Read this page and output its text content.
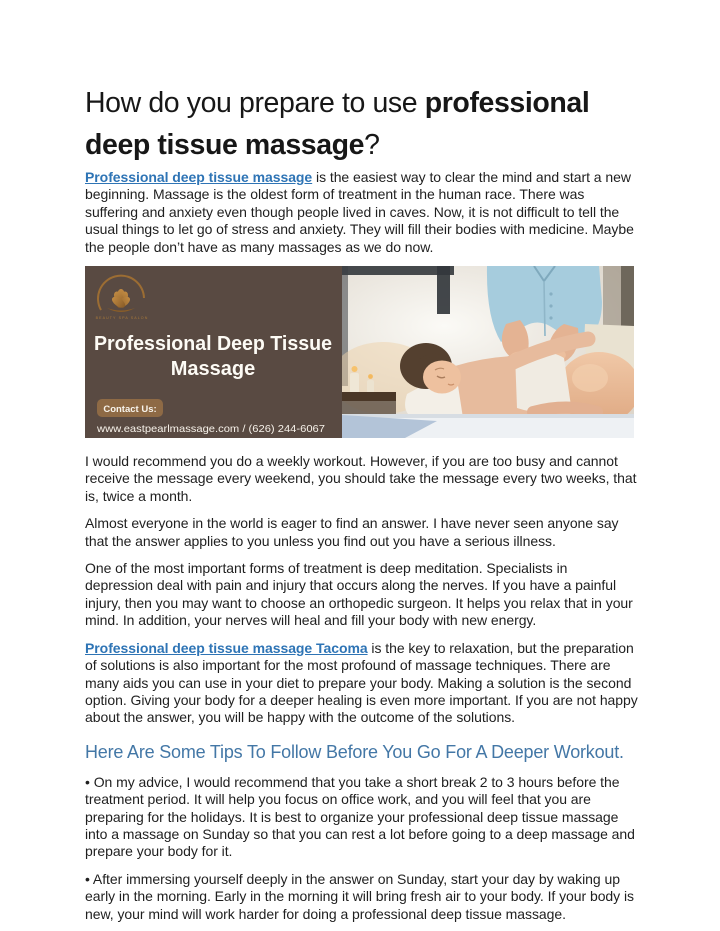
How do you prepare to use professional deep tissue massage?

Professional deep tissue massage is the easiest way to clear the mind and start a new beginning. Massage is the oldest form of treatment in the human race. There was suffering and anxiety even though people lived in caves. Now, it is not difficult to tell the usual things to let go of stress and anxiety. They will fill their bodies with medicine. Maybe the people don’t have as many massages as we do now.

BEAUTY SPA SALON
Professional Deep Tissue
Massage
Contact Us:
www.eastpearlmassage.com / (626) 244-6067

I would recommend you do a weekly workout. However, if you are too busy and cannot receive the message every weekend, you should take the message every two weeks, that is, twice a month.

Almost everyone in the world is eager to find an answer. I have never seen anyone say that the answer applies to you unless you find out you have a serious illness.

One of the most important forms of treatment is deep meditation. Specialists in depression deal with pain and injury that occurs along the nerves. If you have a painful injury, then you may want to choose an orthopedic surgeon. It helps you relax that in your mind. In addition, your nerves will heal and fill your body with new energy.

Professional deep tissue massage Tacoma is the key to relaxation, but the preparation of solutions is also important for the most profound of massage techniques. There are many aids you can use in your diet to prepare your body. Making a solution is the second option. Giving your body for a deeper healing is even more important. If you are not happy about the answer, you will be happy with the outcome of the solutions.

Here Are Some Tips To Follow Before You Go For A Deeper Workout.

• On my advice, I would recommend that you take a short break 2 to 3 hours before the treatment period. It will help you focus on office work, and you will feel that you are preparing for the holidays. It is best to organize your professional deep tissue massage into a massage on Sunday so that you can rest a lot before going to a deep massage and prepare your body for it.

• After immersing yourself deeply in the answer on Sunday, start your day by waking up early in the morning. Early in the morning it will bring fresh air to your body. If your body is new, your mind will work harder for doing a professional deep tissue massage.
